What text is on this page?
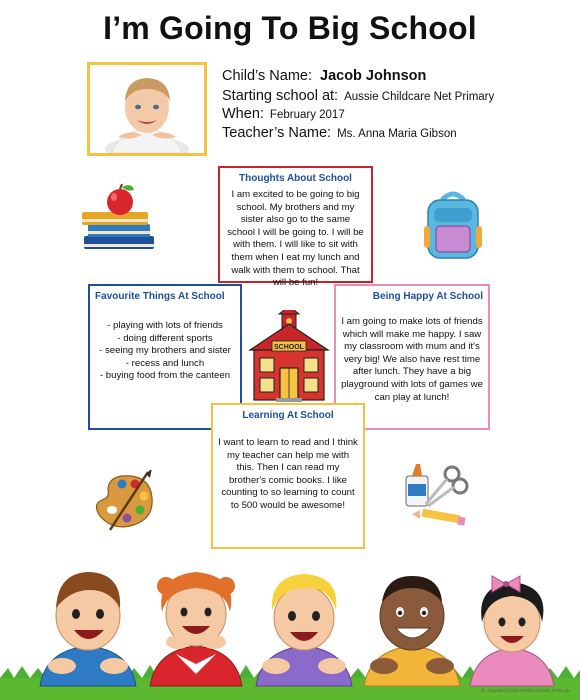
I’m Going To Big School
Child’s Name: Jacob Johnson
Starting school at: Aussie Childcare Net Primary
When: February 2017
Teacher’s Name: Ms. Anna Maria Gibson
Thoughts About School

I am excited to be going to big school. My brothers and my sister also go to the same school I will be going to. I will be with them. I will like to sit with them when I eat my lunch and walk with them to school. That will be fun!

Favourite Things At School
- playing with lots of friends
- doing different sports
- seeing my brothers and sister
- recess and lunch
- buying food from the canteen
Being Happy At School

I am going to make lots of friends which will make me happy. I saw my classroom with mum and it's very big! We also have rest time after lunch. They have a big playground with lots of games we can play at lunch!

SCHOOL
Learning At School

I want to learn to read and I think my teacher can help me with this. Then I can read my brother's comic books. I like counting to so learning to count to 500 would be awesome!

© AussieChildcareNetwork.com.au
